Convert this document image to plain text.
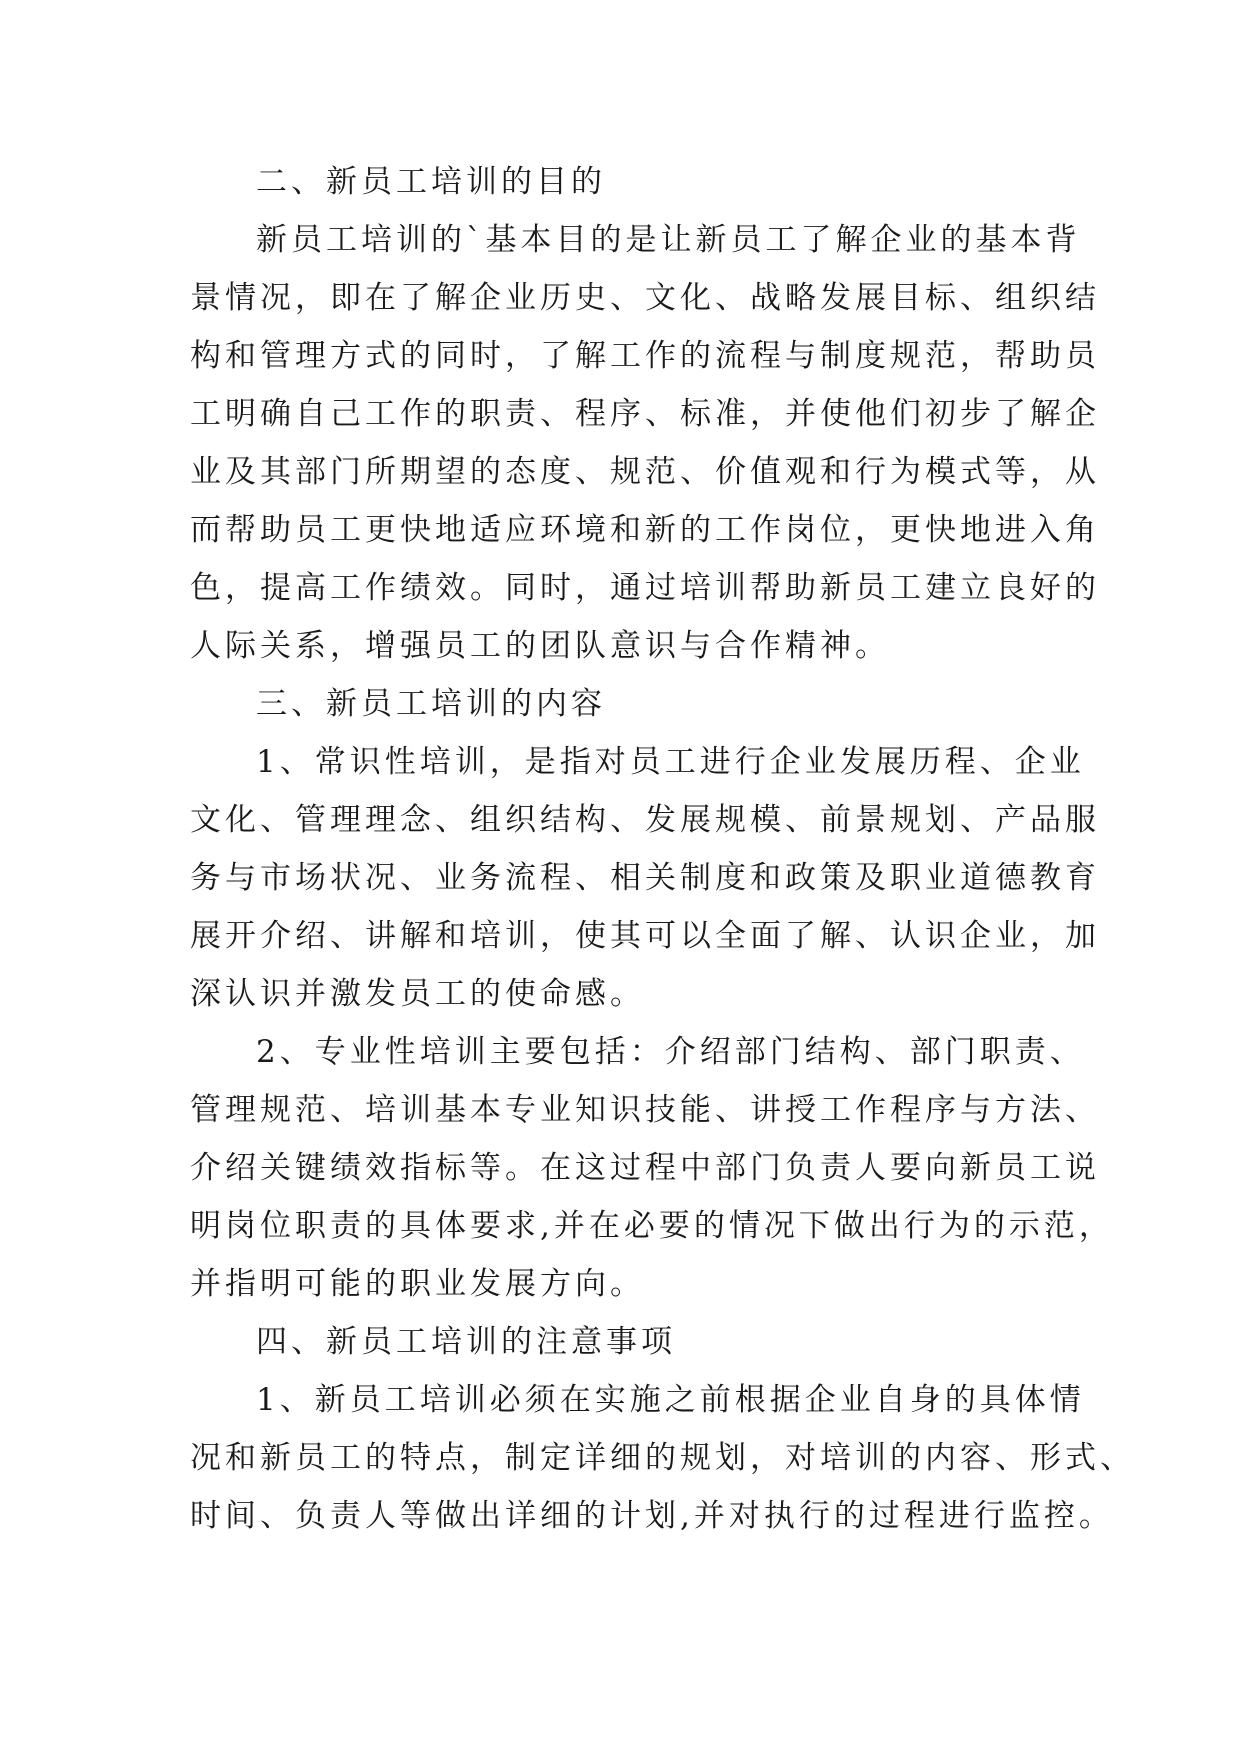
二、新员工培训的目的
新员工培训的`基本目的是让新员工了解企业的基本背
景情况，即在了解企业历史、文化、战略发展目标、组织结
构和管理方式的同时，了解工作的流程与制度规范，帮助员
工明确自己工作的职责、程序、标准，并使他们初步了解企
业及其部门所期望的态度、规范、价值观和行为模式等，从
而帮助员工更快地适应环境和新的工作岗位，更快地进入角
色，提高工作绩效。同时，通过培训帮助新员工建立良好的
人际关系，增强员工的团队意识与合作精神。
三、新员工培训的内容
1、常识性培训，是指对员工进行企业发展历程、企业
文化、管理理念、组织结构、发展规模、前景规划、产品服
务与市场状况、业务流程、相关制度和政策及职业道德教育
展开介绍、讲解和培训，使其可以全面了解、认识企业，加
深认识并激发员工的使命感。
2、专业性培训主要包括：介绍部门结构、部门职责、
管理规范、培训基本专业知识技能、讲授工作程序与方法、
介绍关键绩效指标等。在这过程中部门负责人要向新员工说
明岗位职责的具体要求,并在必要的情况下做出行为的示范，
并指明可能的职业发展方向。
四、新员工培训的注意事项
1、新员工培训必须在实施之前根据企业自身的具体情
况和新员工的特点，制定详细的规划，对培训的内容、形式、
时间、负责人等做出详细的计划,并对执行的过程进行监控。
